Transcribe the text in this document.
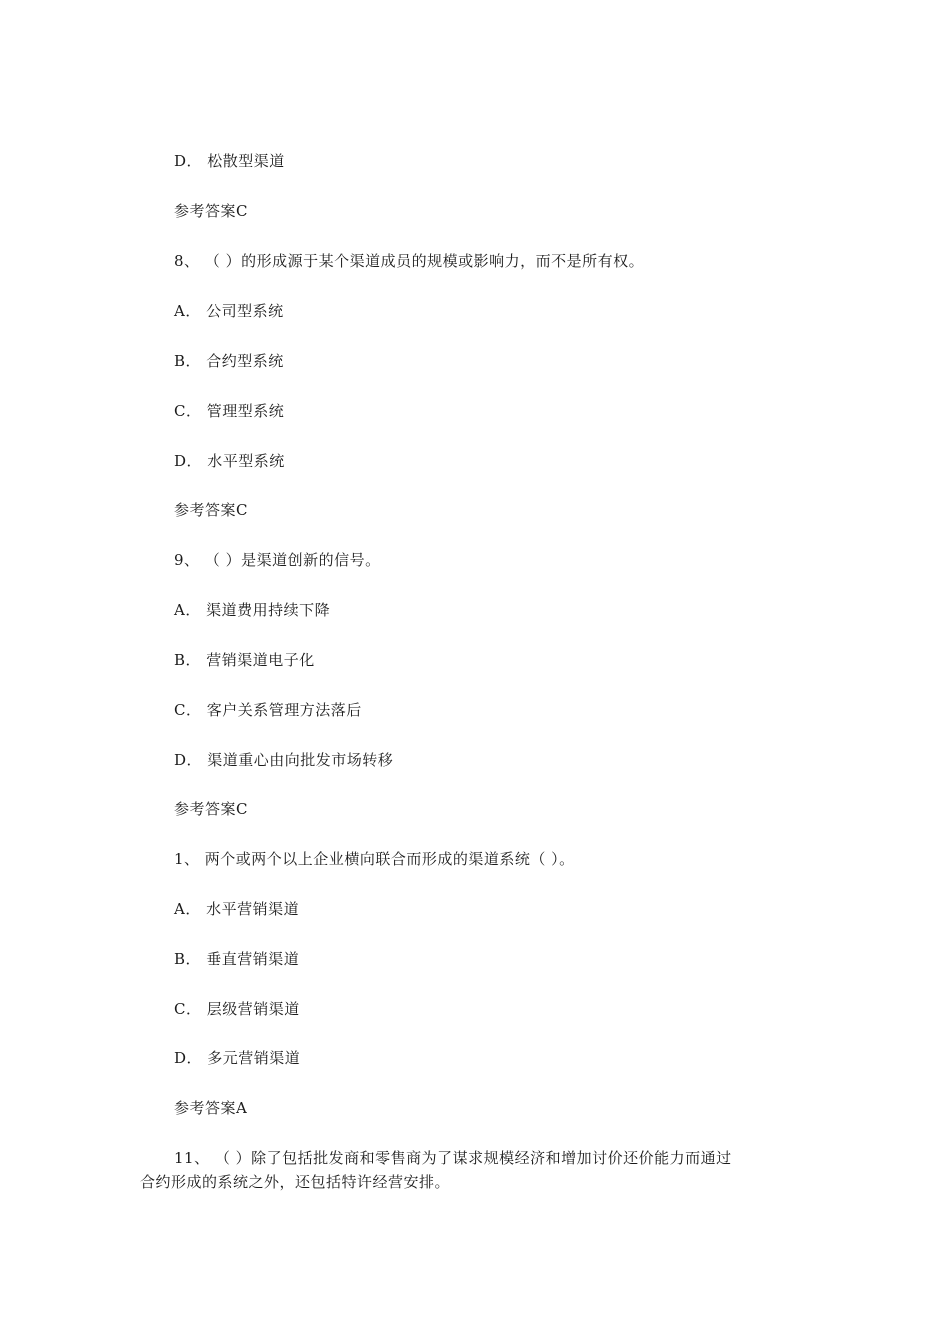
D． 松散型渠道
参考答案C
8、 （ ）的形成源于某个渠道成员的规模或影响力，而不是所有权。
A． 公司型系统
B． 合约型系统
C． 管理型系统
D． 水平型系统
参考答案C
9、 （ ）是渠道创新的信号。
A． 渠道费用持续下降
B． 营销渠道电子化
C． 客户关系管理方法落后
D． 渠道重心由向批发市场转移
参考答案C
1、 两个或两个以上企业横向联合而形成的渠道系统（ ）。
A． 水平营销渠道
B． 垂直营销渠道
C． 层级营销渠道
D． 多元营销渠道
参考答案A
11、 （ ）除了包括批发商和零售商为了谋求规模经济和增加讨价还价能力而通过
合约形成的系统之外，还包括特许经营安排。
